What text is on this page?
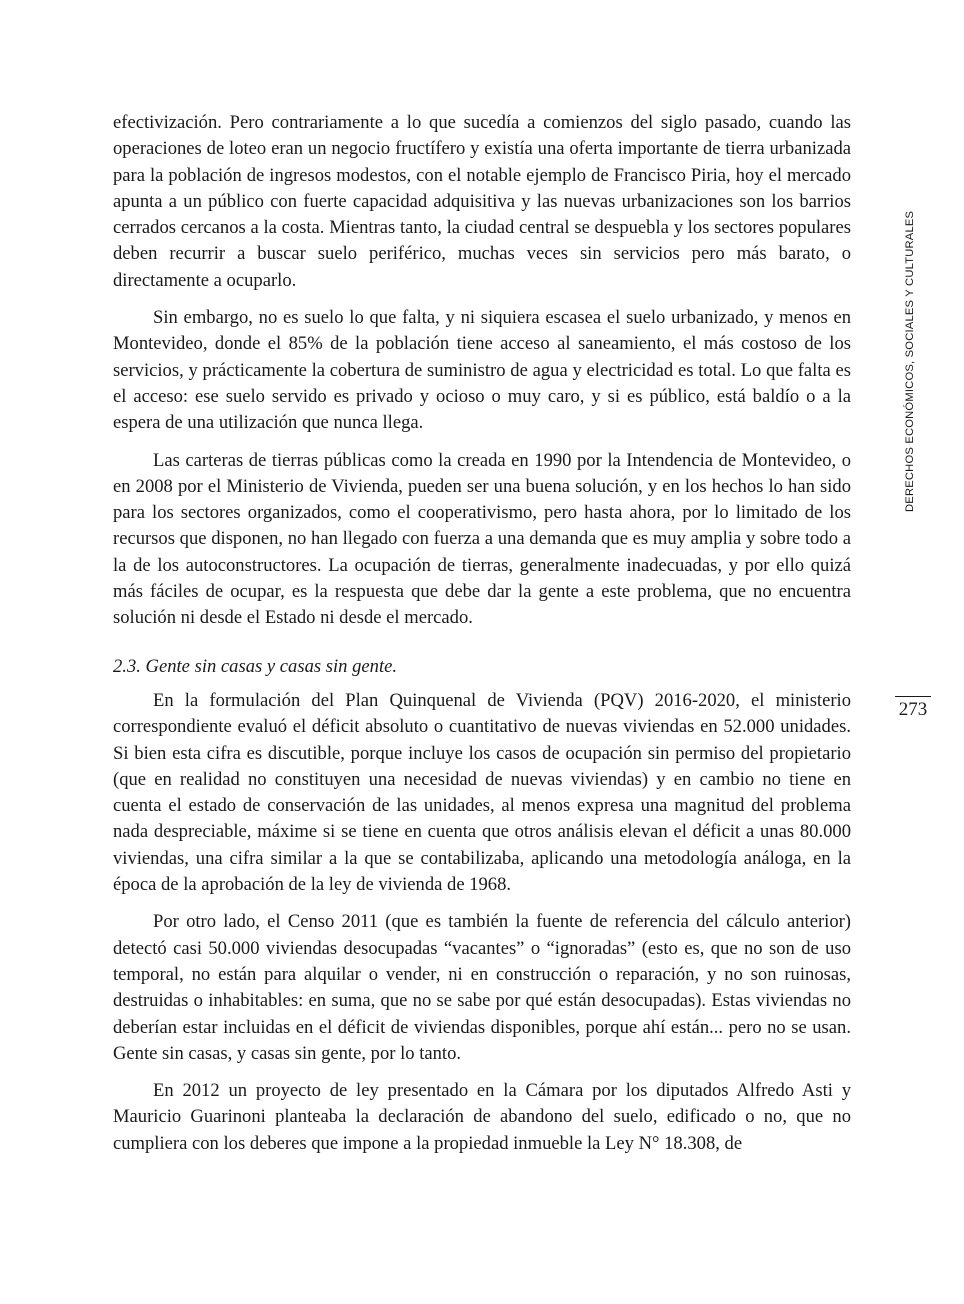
DERECHOS ECONÓMICOS, SOCIALES Y CULTURALES
273

efectivización. Pero contrariamente a lo que sucedía a comienzos del siglo pasado, cuando las operaciones de loteo eran un negocio fructífero y existía una oferta importante de tierra urbanizada para la población de ingresos modestos, con el notable ejemplo de Francisco Piria, hoy el mercado apunta a un público con fuerte capacidad adquisitiva y las nuevas urbanizaciones son los barrios cerrados cercanos a la costa. Mientras tanto, la ciudad central se despuebla y los sectores populares deben recurrir a buscar suelo periférico, muchas veces sin servicios pero más barato, o directamente a ocuparlo.

Sin embargo, no es suelo lo que falta, y ni siquiera escasea el suelo urbanizado, y menos en Montevideo, donde el 85% de la población tiene acceso al saneamiento, el más costoso de los servicios, y prácticamente la cobertura de suministro de agua y electricidad es total. Lo que falta es el acceso: ese suelo servido es privado y ocioso o muy caro, y si es público, está baldío o a la espera de una utilización que nunca llega.

Las carteras de tierras públicas como la creada en 1990 por la Intendencia de Montevideo, o en 2008 por el Ministerio de Vivienda, pueden ser una buena solución, y en los hechos lo han sido para los sectores organizados, como el cooperativismo, pero hasta ahora, por lo limitado de los recursos que disponen, no han llegado con fuerza a una demanda que es muy amplia y sobre todo a la de los autoconstructores. La ocupación de tierras, generalmente inadecuadas, y por ello quizá más fáciles de ocupar, es la respuesta que debe dar la gente a este problema, que no encuentra solución ni desde el Estado ni desde el mercado.

2.3. Gente sin casas y casas sin gente.

En la formulación del Plan Quinquenal de Vivienda (PQV) 2016-2020, el ministerio correspondiente evaluó el déficit absoluto o cuantitativo de nuevas viviendas en 52.000 unidades. Si bien esta cifra es discutible, porque incluye los casos de ocupación sin permiso del propietario (que en realidad no constituyen una necesidad de nuevas viviendas) y en cambio no tiene en cuenta el estado de conservación de las unidades, al menos expresa una magnitud del problema nada despreciable, máxime si se tiene en cuenta que otros análisis elevan el déficit a unas 80.000 viviendas, una cifra similar a la que se contabilizaba, aplicando una metodología análoga, en la época de la aprobación de la ley de vivienda de 1968.

Por otro lado, el Censo 2011 (que es también la fuente de referencia del cálculo anterior) detectó casi 50.000 viviendas desocupadas “vacantes” o “ignoradas” (esto es, que no son de uso temporal, no están para alquilar o vender, ni en construcción o reparación, y no son ruinosas, destruidas o inhabitables: en suma, que no se sabe por qué están desocupadas). Estas viviendas no deberían estar incluidas en el déficit de viviendas disponibles, porque ahí están... pero no se usan. Gente sin casas, y casas sin gente, por lo tanto.

En 2012 un proyecto de ley presentado en la Cámara por los diputados Alfredo Asti y Mauricio Guarinoni planteaba la declaración de abandono del suelo, edificado o no, que no cumpliera con los deberes que impone a la propiedad inmueble la Ley N° 18.308, de
